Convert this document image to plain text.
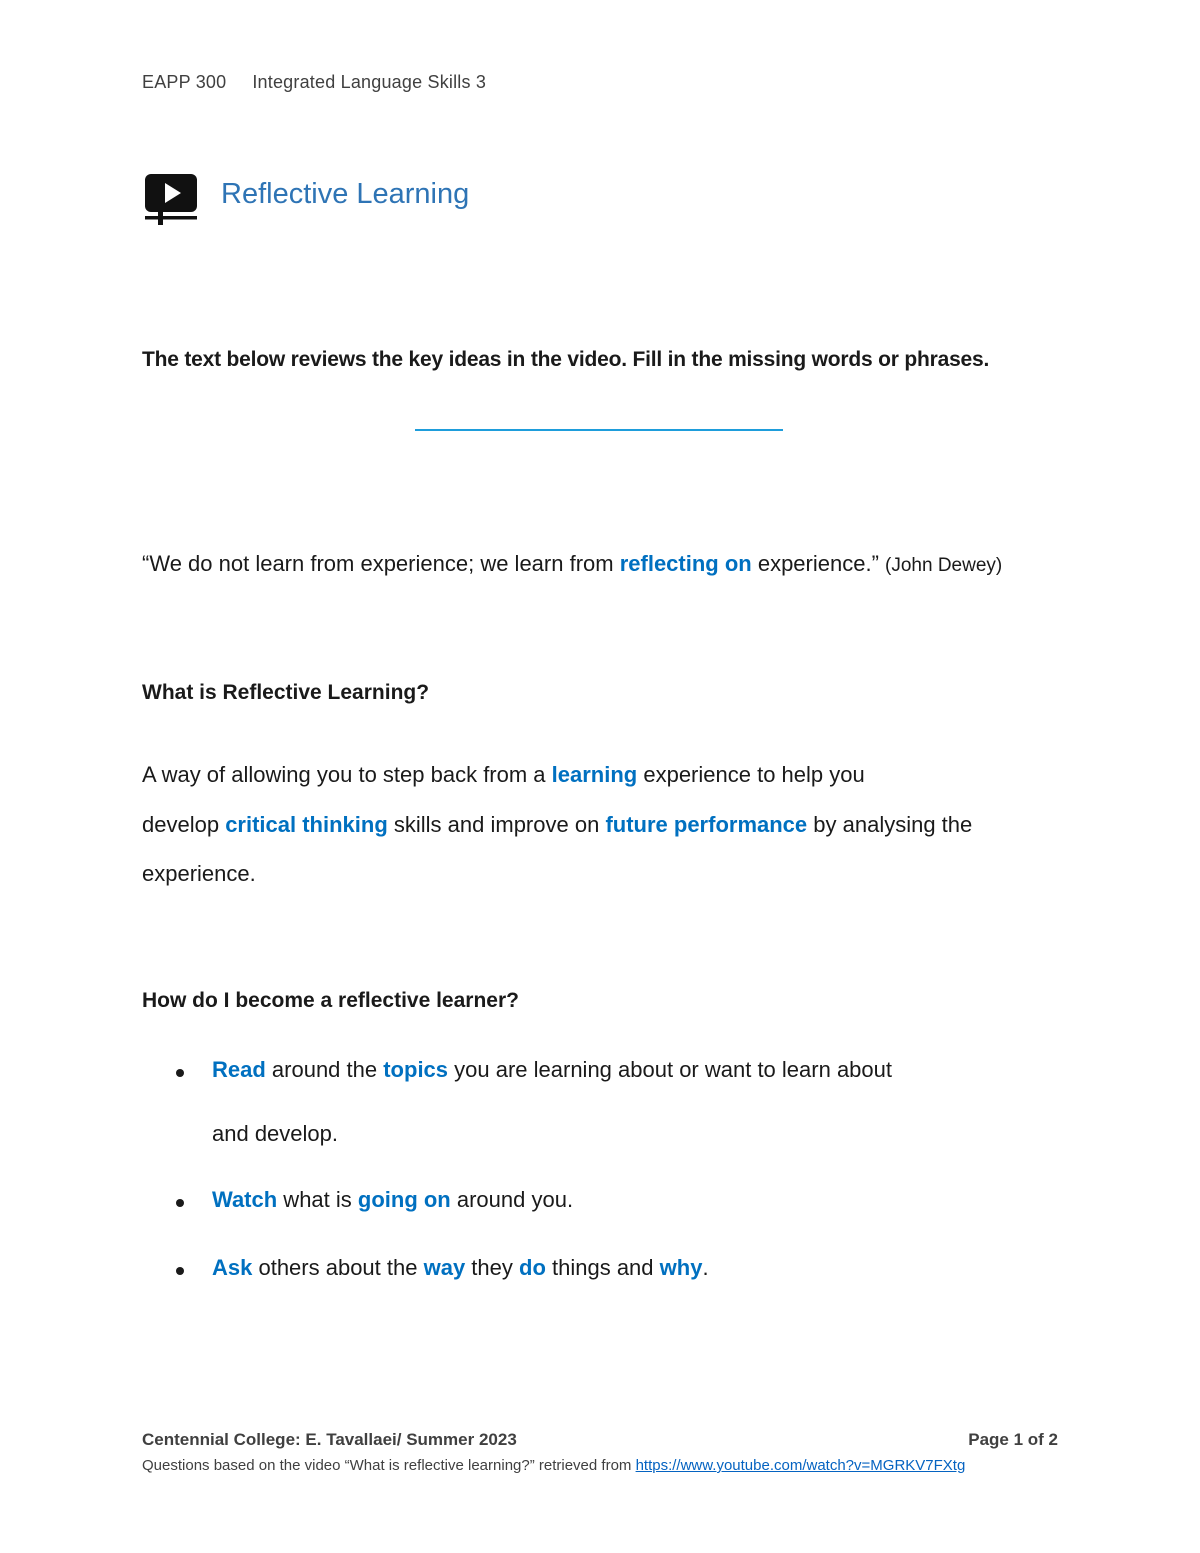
EAPP 300 Integrated Language Skills 3
Reflective Learning
The text below reviews the key ideas in the video. Fill in the missing words or phrases.
“We do not learn from experience; we learn from reflecting on experience.” (John Dewey)
What is Reflective Learning?
A way of allowing you to step back from a learning experience to help you
develop critical thinking skills and improve on future performance by analysing the
experience.
How do I become a reflective learner?
Read around the topics you are learning about or want to learn about
and develop.
Watch what is going on around you.
Ask others about the way they do things and why.
Centennial College: E. Tavallaei/ Summer 2023	Page 1 of 2
Questions based on the video “What is reflective learning?” retrieved from https://www.youtube.com/watch?v=MGRKV7FXtg
